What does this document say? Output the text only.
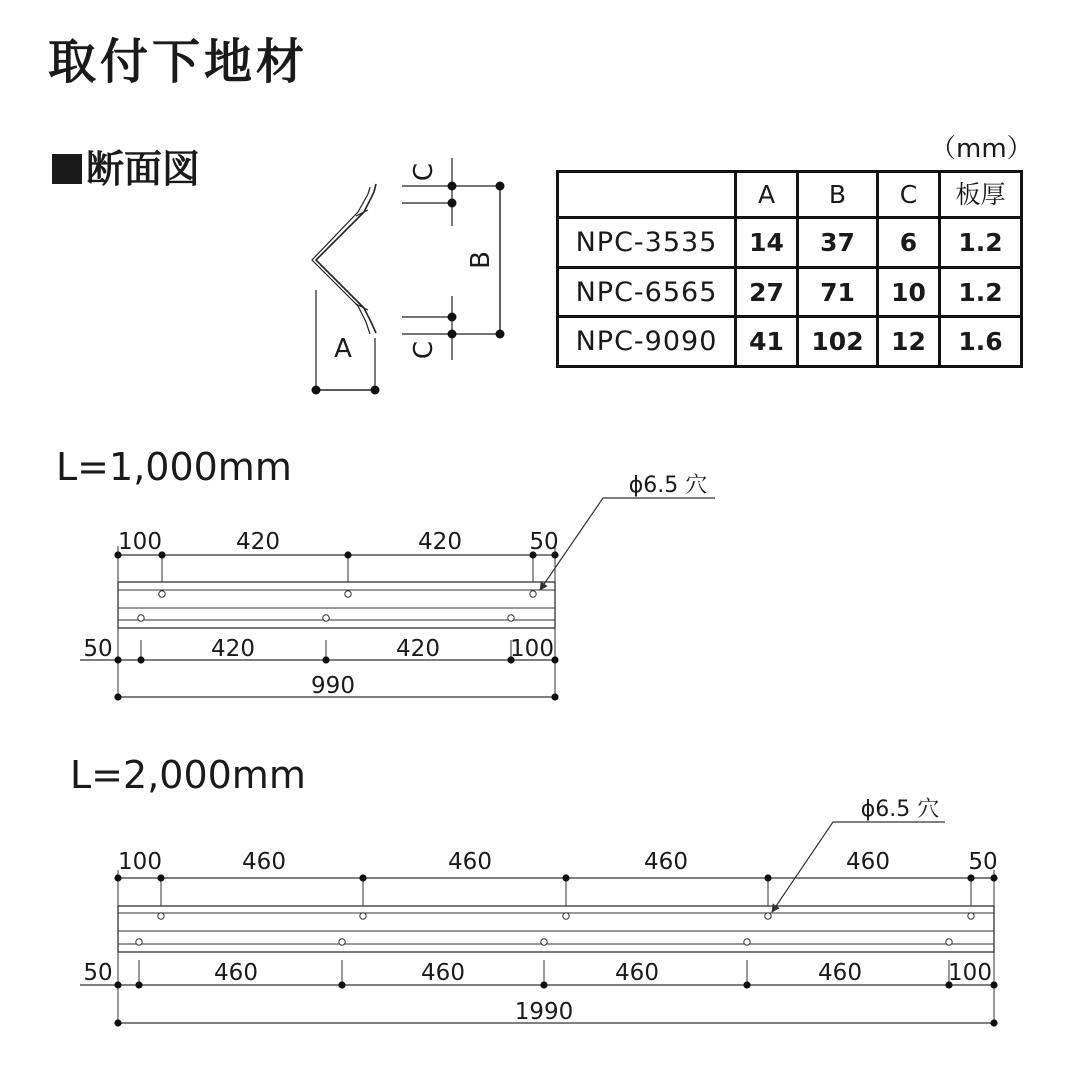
取付下地材
断面図	（mm）
	A	B	C	板厚
NPC-3535	14	37	6	1.2
NPC-6565	27	71	10	1.2
NPC-9090	41	102	12	1.6
L=1,000mm
L=2,000mm
A
B
C
C
100	420	420	50
50	420	420	100
990
ϕ6.5 穴
100	460	460	460	460	50
50	460	460	460	460	100
1990
ϕ6.5 穴
